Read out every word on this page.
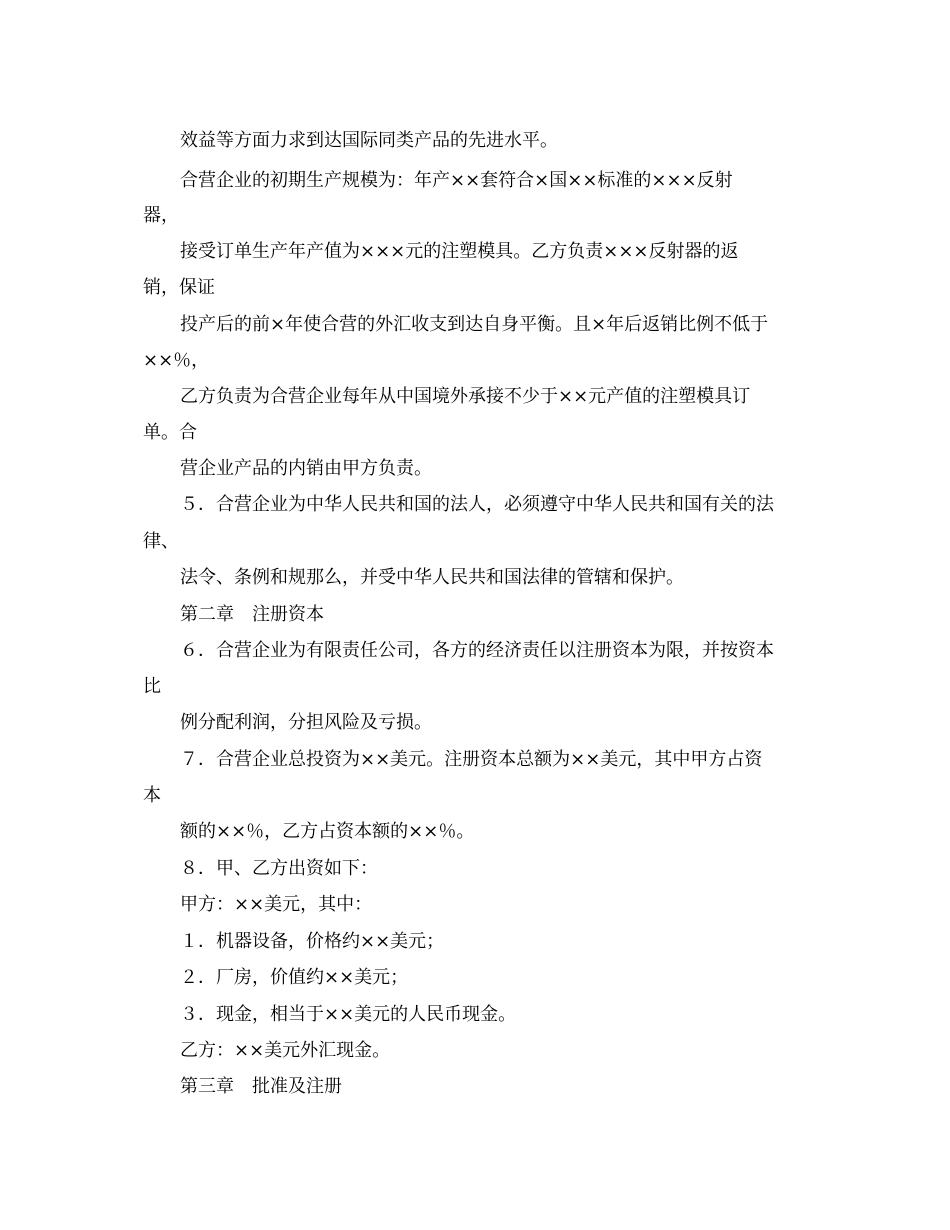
效益等方面力求到达国际同类产品的先进水平。
合营企业的初期生产规模为：年产××套符合×国××标准的×××反射
器，
接受订单生产年产值为×××元的注塑模具。乙方负责×××反射器的返
销，保证
投产后的前×年使合营的外汇收支到达自身平衡。且×年后返销比例不低于
××％，
乙方负责为合营企业每年从中国境外承接不少于××元产值的注塑模具订
单。合
营企业产品的内销由甲方负责。
５．合营企业为中华人民共和国的法人，必须遵守中华人民共和国有关的法
律、
法令、条例和规那么，并受中华人民共和国法律的管辖和保护。
第二章　注册资本
６．合营企业为有限责任公司，各方的经济责任以注册资本为限，并按资本
比
例分配利润，分担风险及亏损。
７．合营企业总投资为××美元。注册资本总额为××美元，其中甲方占资
本
额的××％，乙方占资本额的××％。
８．甲、乙方出资如下：
甲方：××美元，其中：
１．机器设备，价格约××美元；
２．厂房，价值约××美元；
３．现金，相当于××美元的人民币现金。
乙方：××美元外汇现金。
第三章　批准及注册
